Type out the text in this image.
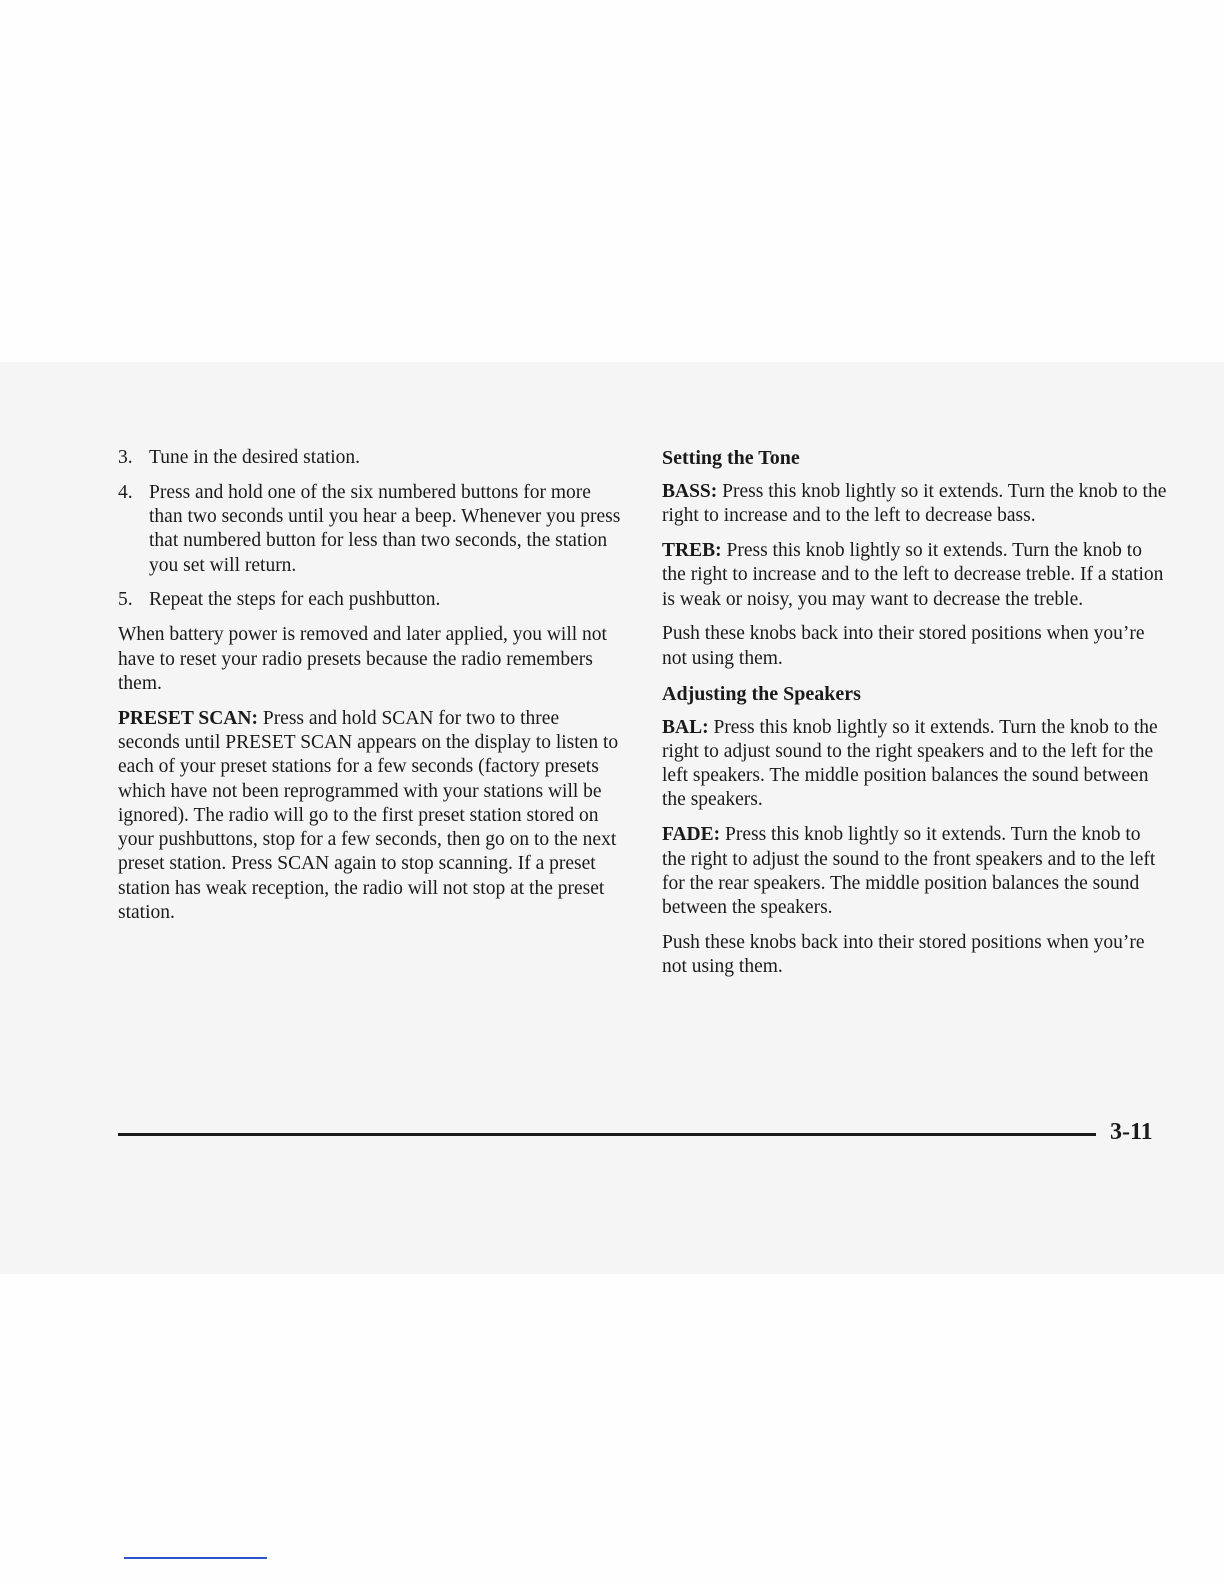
3. Tune in the desired station.
4. Press and hold one of the six numbered buttons for more than two seconds until you hear a beep. Whenever you press that numbered button for less than two seconds, the station you set will return.
5. Repeat the steps for each pushbutton.

When battery power is removed and later applied, you will not have to reset your radio presets because the radio remembers them.

PRESET SCAN: Press and hold SCAN for two to three seconds until PRESET SCAN appears on the display to listen to each of your preset stations for a few seconds (factory presets which have not been reprogrammed with your stations will be ignored). The radio will go to the first preset station stored on your pushbuttons, stop for a few seconds, then go on to the next preset station. Press SCAN again to stop scanning. If a preset station has weak reception, the radio will not stop at the preset station.

Setting the Tone

BASS: Press this knob lightly so it extends. Turn the knob to the right to increase and to the left to decrease bass.

TREB: Press this knob lightly so it extends. Turn the knob to the right to increase and to the left to decrease treble. If a station is weak or noisy, you may want to decrease the treble.

Push these knobs back into their stored positions when you’re not using them.

Adjusting the Speakers

BAL: Press this knob lightly so it extends. Turn the knob to the right to adjust sound to the right speakers and to the left for the left speakers. The middle position balances the sound between the speakers.

FADE: Press this knob lightly so it extends. Turn the knob to the right to adjust the sound to the front speakers and to the left for the rear speakers. The middle position balances the sound between the speakers.

Push these knobs back into their stored positions when you’re not using them.

3-11
